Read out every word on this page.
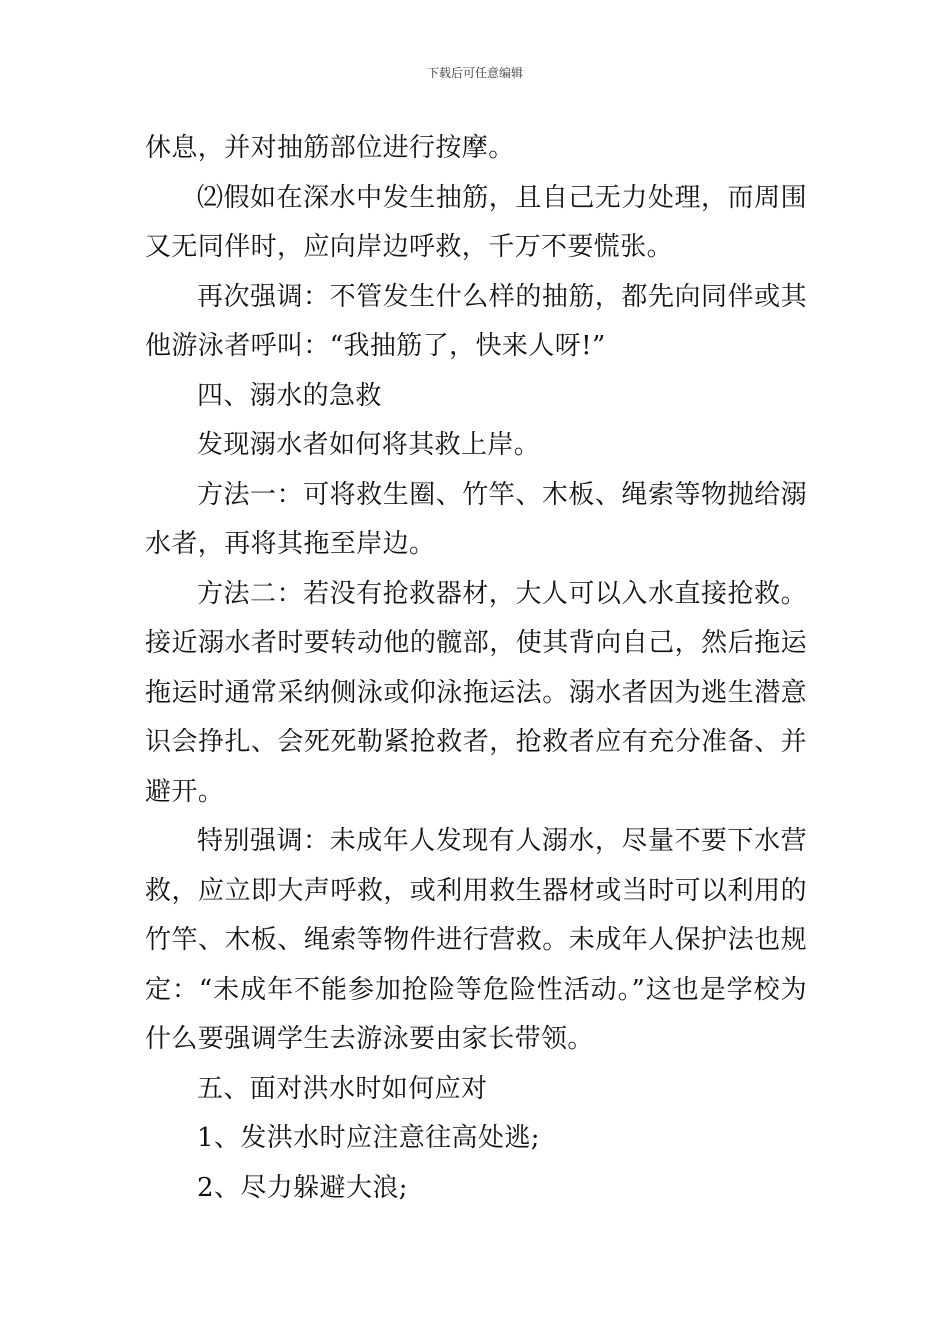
下载后可任意编辑

休息，并对抽筋部位进行按摩。

⑵假如在深水中发生抽筋，且自己无力处理，而周围又无同伴时，应向岸边呼救，千万不要慌张。

再次强调：不管发生什么样的抽筋，都先向同伴或其他游泳者呼叫：“我抽筋了，快来人呀!”

四、溺水的急救

发现溺水者如何将其救上岸。

方法一：可将救生圈、竹竿、木板、绳索等物抛给溺水者，再将其拖至岸边。

方法二：若没有抢救器材，大人可以入水直接抢救。接近溺水者时要转动他的髋部，使其背向自己，然后拖运拖运时通常采纳侧泳或仰泳拖运法。溺水者因为逃生潜意识会挣扎、会死死勒紧抢救者，抢救者应有充分准备、并避开。

特别强调：未成年人发现有人溺水，尽量不要下水营救，应立即大声呼救，或利用救生器材或当时可以利用的竹竿、木板、绳索等物件进行营救。未成年人保护法也规定：“未成年不能参加抢险等危险性活动。”这也是学校为什么要强调学生去游泳要由家长带领。

五、面对洪水时如何应对

1、发洪水时应注意往高处逃;

2、尽力躲避大浪;
